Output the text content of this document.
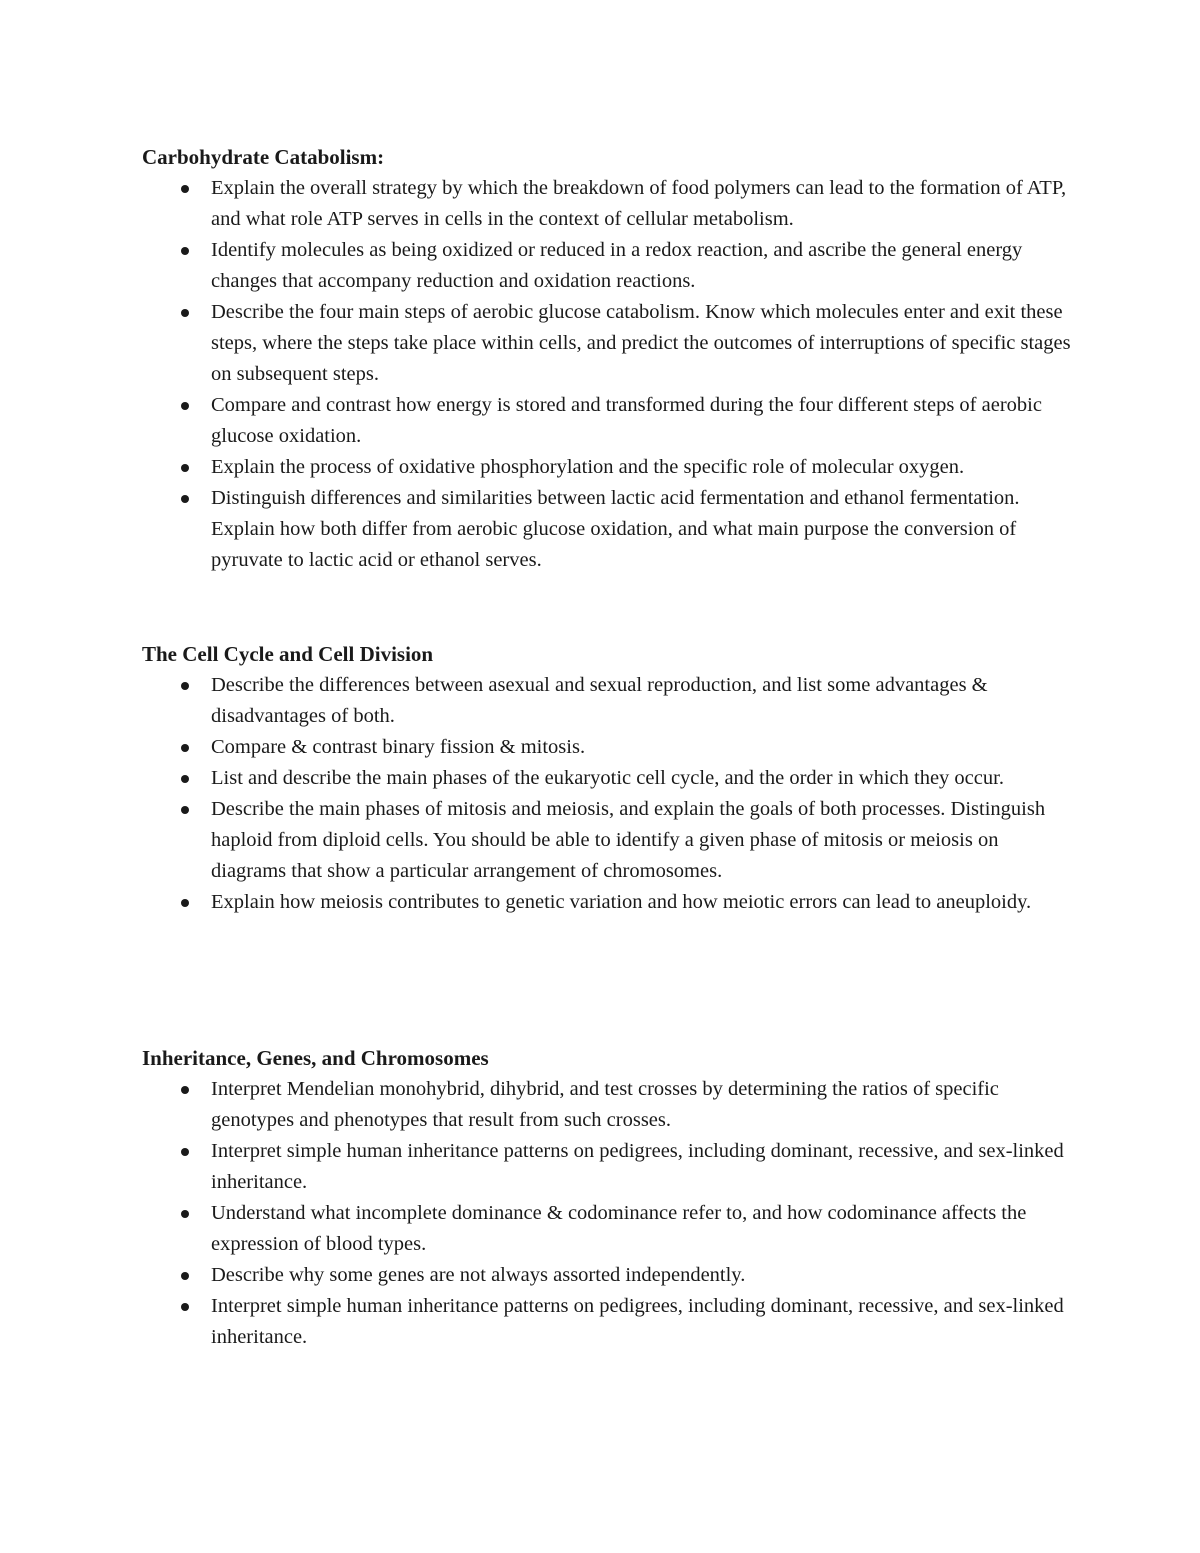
Carbohydrate Catabolism:
Explain the overall strategy by which the breakdown of food polymers can lead to the formation of ATP, and what role ATP serves in cells in the context of cellular metabolism.
Identify molecules as being oxidized or reduced in a redox reaction, and ascribe the general energy changes that accompany reduction and oxidation reactions.
Describe the four main steps of aerobic glucose catabolism. Know which molecules enter and exit these steps, where the steps take place within cells, and predict the outcomes of interruptions of specific stages on subsequent steps.
Compare and contrast how energy is stored and transformed during the four different steps of aerobic glucose oxidation.
Explain the process of oxidative phosphorylation and the specific role of molecular oxygen.
Distinguish differences and similarities between lactic acid fermentation and ethanol fermentation. Explain how both differ from aerobic glucose oxidation, and what main purpose the conversion of pyruvate to lactic acid or ethanol serves.
The Cell Cycle and Cell Division
Describe the differences between asexual and sexual reproduction, and list some advantages & disadvantages of both.
Compare & contrast binary fission & mitosis.
List and describe the main phases of the eukaryotic cell cycle, and the order in which they occur.
Describe the main phases of mitosis and meiosis, and explain the goals of both processes. Distinguish haploid from diploid cells. You should be able to identify a given phase of mitosis or meiosis on diagrams that show a particular arrangement of chromosomes.
Explain how meiosis contributes to genetic variation and how meiotic errors can lead to aneuploidy.
Inheritance, Genes, and Chromosomes
Interpret Mendelian monohybrid, dihybrid, and test crosses by determining the ratios of specific genotypes and phenotypes that result from such crosses.
Interpret simple human inheritance patterns on pedigrees, including dominant, recessive, and sex-linked inheritance.
Understand what incomplete dominance & codominance refer to, and how codominance affects the expression of blood types.
Describe why some genes are not always assorted independently.
Interpret simple human inheritance patterns on pedigrees, including dominant, recessive, and sex-linked inheritance.
